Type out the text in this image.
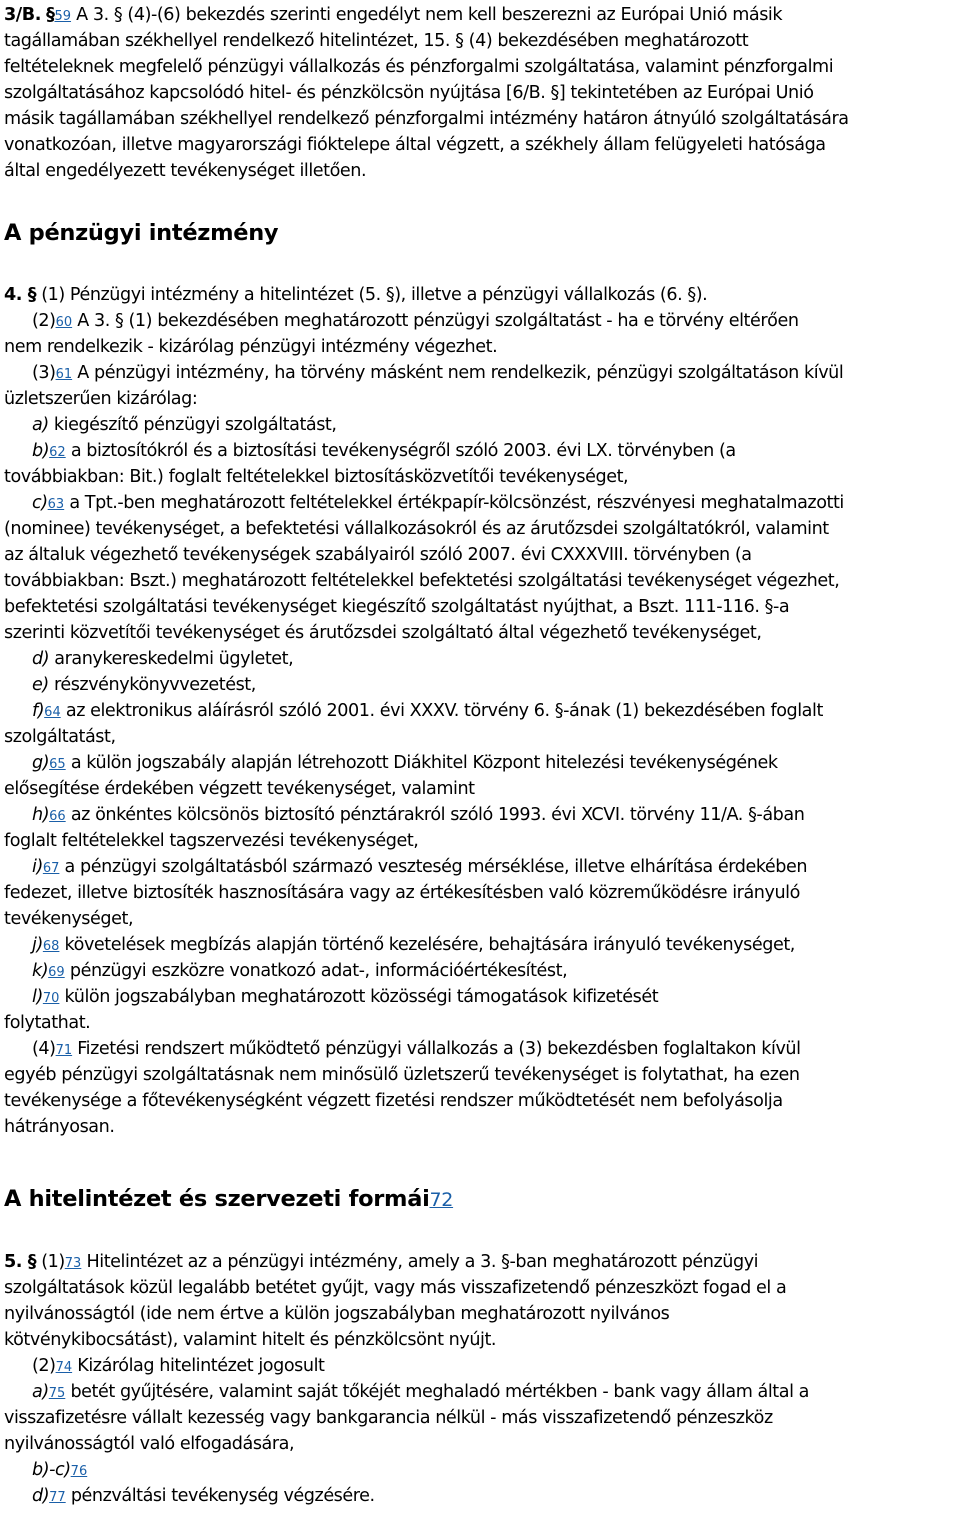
3/B. §59 A 3. § (4)-(6) bekezdés szerinti engedélyt nem kell beszerezni az Európai Unió másik
tagállamában székhellyel rendelkező hitelintézet, 15. § (4) bekezdésében meghatározott
feltételeknek megfelelő pénzügyi vállalkozás és pénzforgalmi szolgáltatása, valamint pénzforgalmi
szolgáltatásához kapcsolódó hitel- és pénzkölcsön nyújtása [6/B. §] tekintetében az Európai Unió
másik tagállamában székhellyel rendelkező pénzforgalmi intézmény határon átnyúló szolgáltatására
vonatkozóan, illetve magyarországi fióktelepe által végzett, a székhely állam felügyeleti hatósága
által engedélyezett tevékenységet illetően.
A pénzügyi intézmény
4. § (1) Pénzügyi intézmény a hitelintézet (5. §), illetve a pénzügyi vállalkozás (6. §).
(2)60 A 3. § (1) bekezdésében meghatározott pénzügyi szolgáltatást - ha e törvény eltérően
nem rendelkezik - kizárólag pénzügyi intézmény végezhet.
(3)61 A pénzügyi intézmény, ha törvény másként nem rendelkezik, pénzügyi szolgáltatáson kívül
üzletszerűen kizárólag:
a) kiegészítő pénzügyi szolgáltatást,
b)62 a biztosítókról és a biztosítási tevékenységről szóló 2003. évi LX. törvényben (a
továbbiakban: Bit.) foglalt feltételekkel biztosításközvetítői tevékenységet,
c)63 a Tpt.-ben meghatározott feltételekkel értékpapír-kölcsönzést, részvényesi meghatalmazotti
(nominee) tevékenységet, a befektetési vállalkozásokról és az árutőzsdei szolgáltatókról, valamint
az általuk végezhető tevékenységek szabályairól szóló 2007. évi CXXXVIII. törvényben (a
továbbiakban: Bszt.) meghatározott feltételekkel befektetési szolgáltatási tevékenységet végezhet,
befektetési szolgáltatási tevékenységet kiegészítő szolgáltatást nyújthat, a Bszt. 111-116. §-a
szerinti közvetítői tevékenységet és árutőzsdei szolgáltató által végezhető tevékenységet,
d) aranykereskedelmi ügyletet,
e) részvénykönyvvezetést,
f)64 az elektronikus aláírásról szóló 2001. évi XXXV. törvény 6. §-ának (1) bekezdésében foglalt
szolgáltatást,
g)65 a külön jogszabály alapján létrehozott Diákhitel Központ hitelezési tevékenységének
elősegítése érdekében végzett tevékenységet, valamint
h)66 az önkéntes kölcsönös biztosító pénztárakról szóló 1993. évi XCVI. törvény 11/A. §-ában
foglalt feltételekkel tagszervezési tevékenységet,
i)67 a pénzügyi szolgáltatásból származó veszteség mérséklése, illetve elhárítása érdekében
fedezet, illetve biztosíték hasznosítására vagy az értékesítésben való közreműködésre irányuló
tevékenységet,
j)68 követelések megbízás alapján történő kezelésére, behajtására irányuló tevékenységet,
k)69 pénzügyi eszközre vonatkozó adat-, információértékesítést,
l)70 külön jogszabályban meghatározott közösségi támogatások kifizetését
folytathat.
(4)71 Fizetési rendszert működtető pénzügyi vállalkozás a (3) bekezdésben foglaltakon kívül
egyéb pénzügyi szolgáltatásnak nem minősülő üzletszerű tevékenységet is folytathat, ha ezen
tevékenysége a főtevékenységként végzett fizetési rendszer működtetését nem befolyásolja
hátrányosan.
A hitelintézet és szervezeti formái72
5. § (1)73 Hitelintézet az a pénzügyi intézmény, amely a 3. §-ban meghatározott pénzügyi
szolgáltatások közül legalább betétet gyűjt, vagy más visszafizetendő pénzeszközt fogad el a
nyilvánosságtól (ide nem értve a külön jogszabályban meghatározott nyilvános
kötvénykibocsátást), valamint hitelt és pénzkölcsönt nyújt.
(2)74 Kizárólag hitelintézet jogosult
a)75 betét gyűjtésére, valamint saját tőkéjét meghaladó mértékben - bank vagy állam által a
visszafizetésre vállalt kezesség vagy bankgarancia nélkül - más visszafizetendő pénzeszköz
nyilvánosságtól való elfogadására,
b)-c)76
d)77 pénzváltási tevékenység végzésére.
